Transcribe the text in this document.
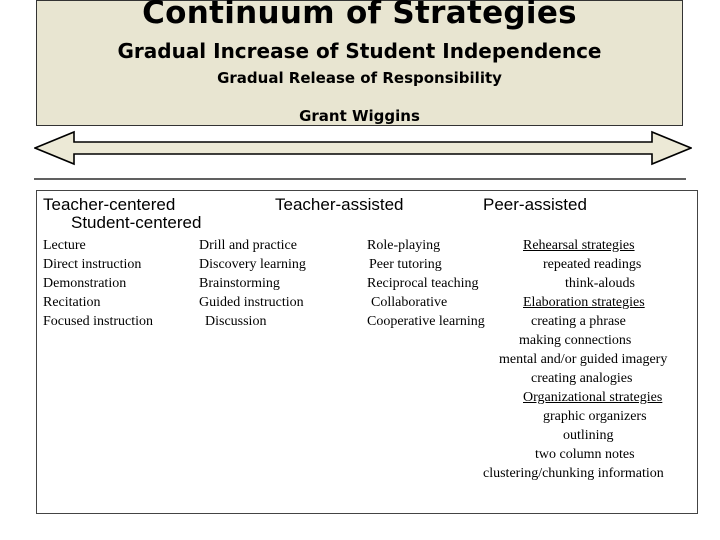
Continuum of Strategies
Gradual Increase of Student Independence
Gradual Release of Responsibility
Grant Wiggins
Teacher-centered	Teacher-assisted	Peer-assisted
Student-centered
Lecture
Direct instruction
Demonstration
Recitation
Focused instruction
Drill and practice
Discovery learning
Brainstorming
Guided instruction
Discussion
Role-playing
Peer tutoring
Reciprocal teaching
Collaborative
Cooperative learning
Rehearsal strategies
repeated readings
think-alouds
Elaboration strategies
creating a phrase
making connections
mental and/or guided imagery
creating analogies
Organizational strategies
graphic organizers
outlining
two column notes
clustering/chunking information
